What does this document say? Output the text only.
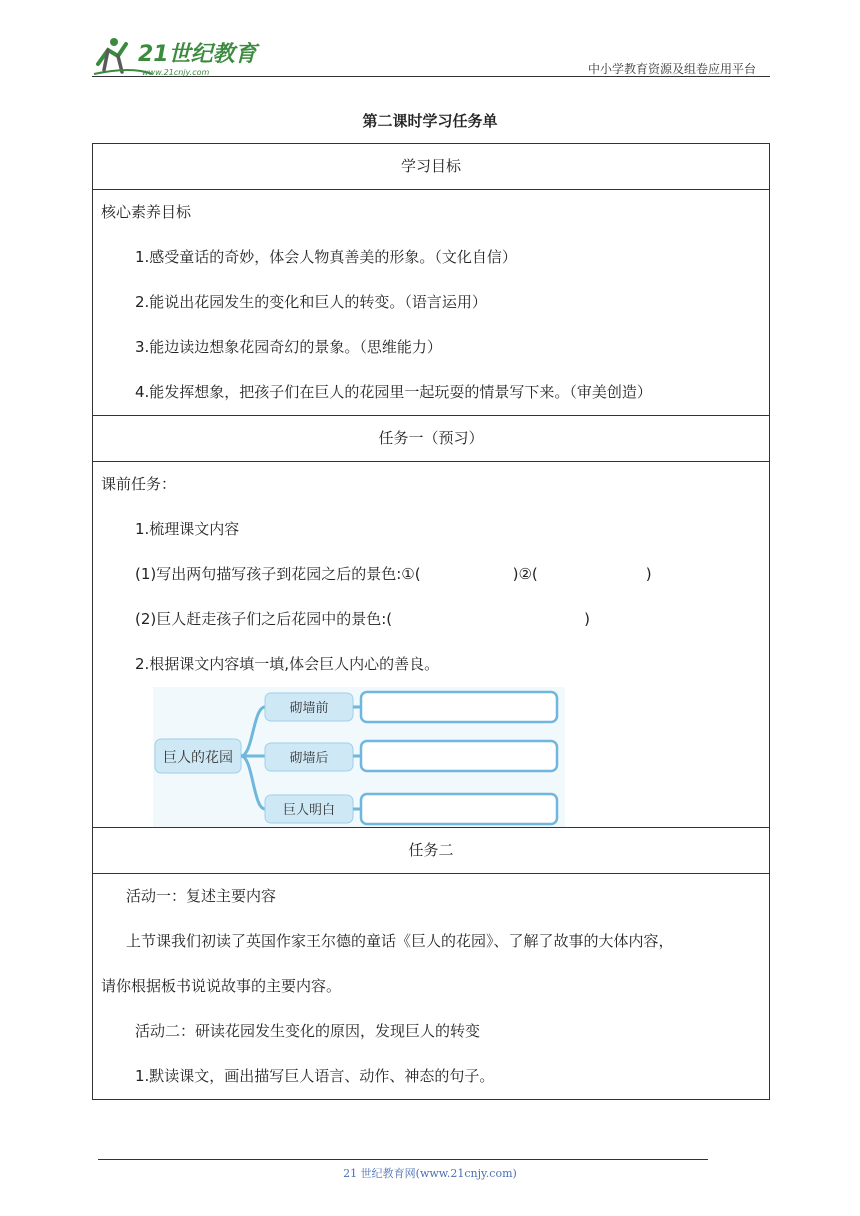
21世纪教育
www.21cnjy.com	中小学教育资源及组卷应用平台
第二课时学习任务单
学习目标
核心素养目标
1.感受童话的奇妙，体会人物真善美的形象。（文化自信）
2.能说出花园发生的变化和巨人的转变。（语言运用）
3.能边读边想象花园奇幻的景象。（思维能力）
4.能发挥想象，把孩子们在巨人的花园里一起玩耍的情景写下来。（审美创造）
任务一（预习）
课前任务：
1.梳理课文内容
(1)写出两句描写孩子到花园之后的景色:①(	)②(	)
(2)巨人赶走孩子们之后花园中的景色:(	)
2.根据课文内容填一填,体会巨人内心的善良。
巨人的花园
砌墙前
砌墙后
巨人明白
任务二
活动一：复述主要内容
上节课我们初读了英国作家王尔德的童话《巨人的花园》、了解了故事的大体内容，
请你根据板书说说故事的主要内容。
活动二：研读花园发生变化的原因，发现巨人的转变
1.默读课文，画出描写巨人语言、动作、神态的句子。
21 世纪教育网(www.21cnjy.com)
